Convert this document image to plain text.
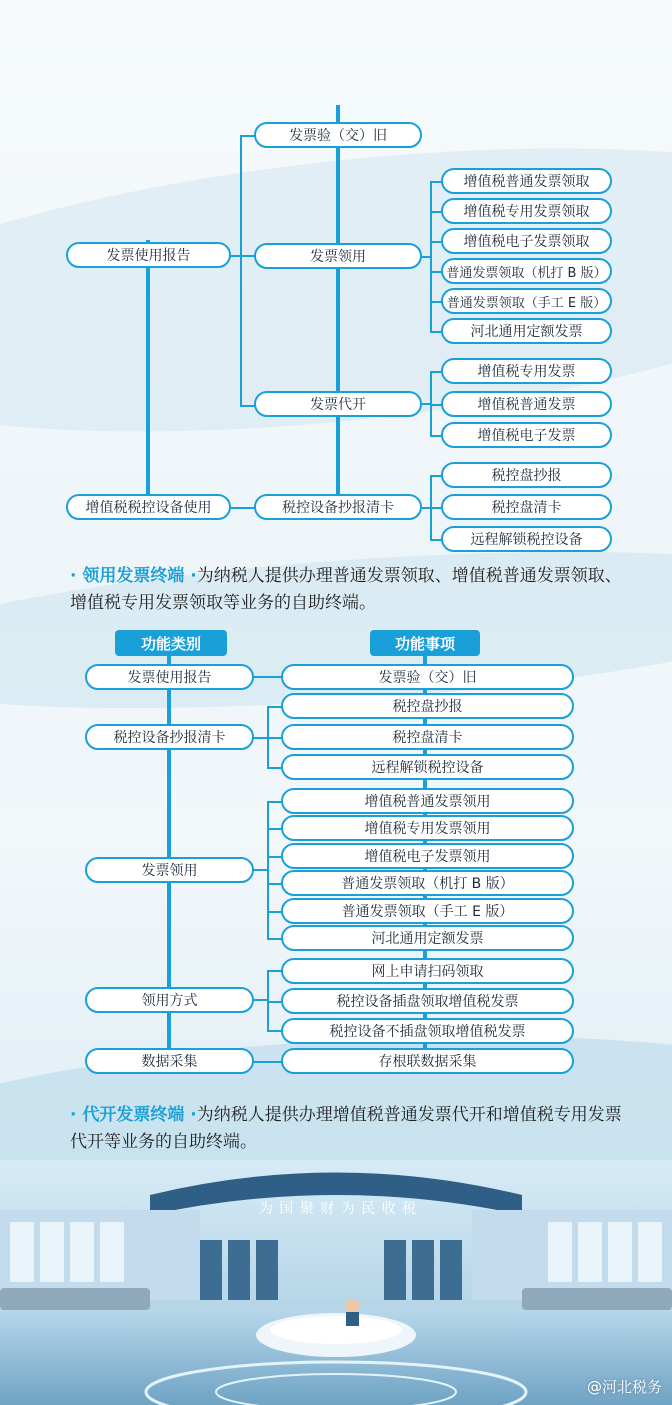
发票使用报告
增值税税控设备使用
发票验（交）旧
发票领用
发票代开
税控设备抄报清卡
增值税普通发票领取
增值税专用发票领取
增值税电子发票领取
普通发票领取（机打 B 版）
普通发票领取（手工 E 版）
河北通用定额发票
增值税专用发票
增值税普通发票
增值税电子发票
税控盘抄报
税控盘清卡
远程解锁税控设备

· 领用发票终端 ·为纳税人提供办理普通发票领取、增值税普通发票领取、增值税专用发票领取等业务的自助终端。

功能类别	功能事项
发票使用报告
税控设备抄报清卡
发票领用
领用方式
数据采集
发票验（交）旧
税控盘抄报
税控盘清卡
远程解锁税控设备
增值税普通发票领用
增值税专用发票领用
增值税电子发票领用
普通发票领取（机打 B 版）
普通发票领取（手工 E 版）
河北通用定额发票
网上申请扫码领取
税控设备插盘领取增值税发票
税控设备不插盘领取增值税发票
存根联数据采集

· 代开发票终端 ·为纳税人提供办理增值税普通发票代开和增值税专用发票代开等业务的自助终端。

为 国 聚 财 为 民 收 税
@河北税务
